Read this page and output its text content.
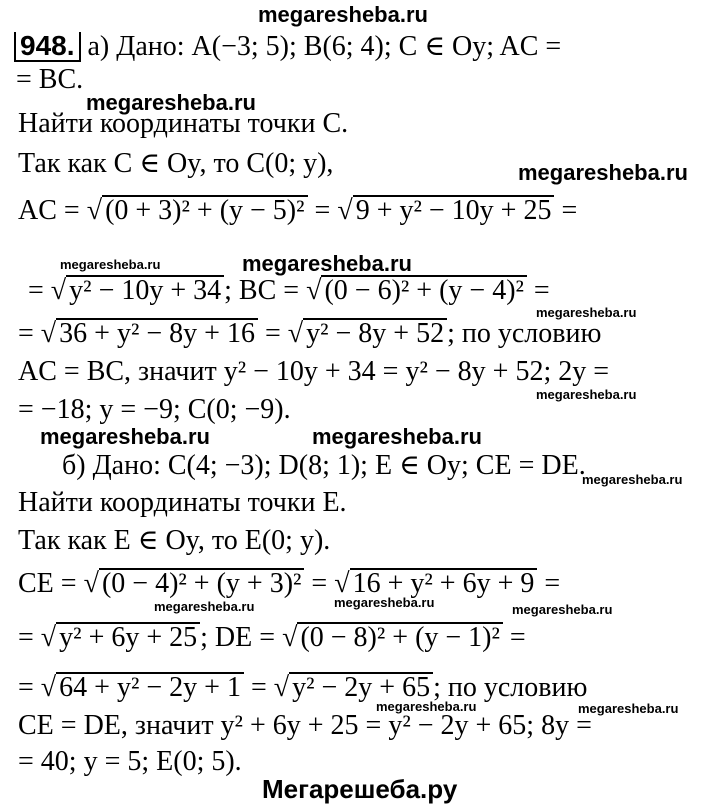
megaresheba.ru
megaresheba.ru
megaresheba.ru
megaresheba.ru	megaresheba.ru
megaresheba.ru
megaresheba.ru
megaresheba.ru	megaresheba.ru
megaresheba.ru
megaresheba.ru	megaresheba.ru	megaresheba.ru
megaresheba.ru	megaresheba.ru
Мегарешеба.ру
948. а) Дано: A(−3; 5); B(6; 4); C ∈ Oy; AC =
= BC.
Найти координаты точки C.
Так как C ∈ Oy, то C(0; y),
AC = √ (0 + 3)² + (y − 5)² = √ 9 + y² − 10y + 25 =
= √ y² − 10y + 34 ; BC = √ (0 − 6)² + (y − 4)² =
= √ 36 + y² − 8y + 16 = √ y² − 8y + 52 ; по условию
AC = BC, значит y² − 10y + 34 = y² − 8y + 52; 2y =
= −18; y = −9; C(0; −9).
б) Дано: C(4; −3); D(8; 1); E ∈ Oy; CE = DE.
Найти координаты точки E.
Так как E ∈ Oy, то E(0; y).
CE = √ (0 − 4)² + (y + 3)² = √ 16 + y² + 6y + 9 =
= √ y² + 6y + 25 ; DE = √ (0 − 8)² + (y − 1)² =
= √ 64 + y² − 2y + 1 = √ y² − 2y + 65 ; по условию
CE = DE, значит y² + 6y + 25 = y² − 2y + 65; 8y =
= 40; y = 5; E(0; 5).
